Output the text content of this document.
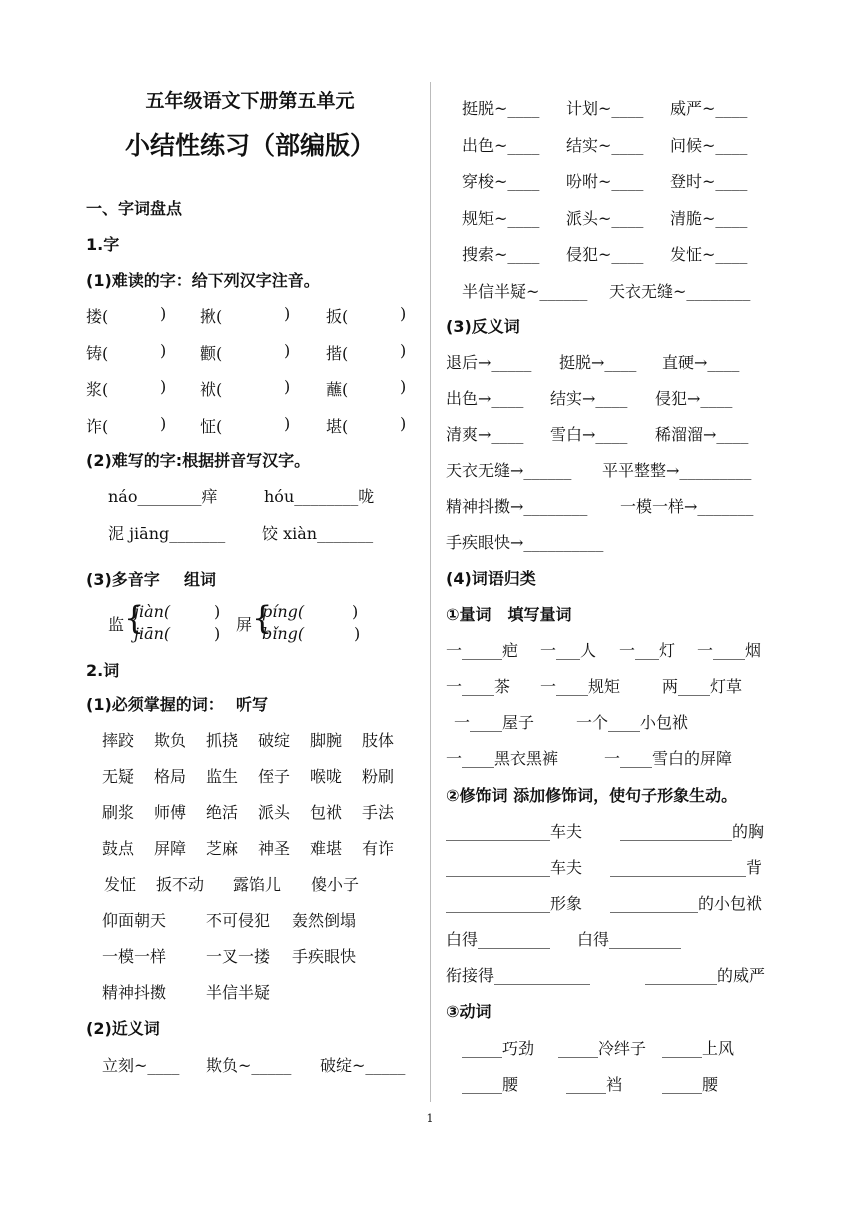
五年级语文下册第五单元
小结性练习（部编版）
一、字词盘点
1.字
(1)难读的字：给下列汉字注音。
搂(	) 揪(	) 扳(	)
铸(	) 颧(	) 揩(	)
浆(	) 袱(	) 蘸(	)
诈(	) 怔(	) 堪(	)
(2)难写的字:根据拼音写汉字。
náo________痒	hóu________咙
泥 jiāng_______ 饺 xiàn_______
(3)多音字 组词
监 {
jiàn(	)
jiān(	) 屏 {
píng(	)
bǐng(	)
2.词
(1)必须掌握的词： 听写
摔跤 欺负 抓挠 破绽 脚腕 肢体
无疑 格局 监生 侄子 喉咙 粉刷
刷浆 师傅 绝活 派头 包袱 手法
鼓点 屏障 芝麻 神圣 难堪 有诈
发怔 扳不动 露馅儿 傻小子
仰面朝天 不可侵犯 轰然倒塌
一模一样 一叉一搂 手疾眼快
精神抖擞 半信半疑
(2)近义词
立刻~____ 欺负~_____ 破绽~_____
挺脱~____ 计划~____ 威严~____
出色~____ 结实~____ 问候~____
穿梭~____ 吩咐~____ 登时~____
规矩~____ 派头~____ 清脆~____
搜索~____ 侵犯~____ 发怔~____
半信半疑~______ 天衣无缝~________
(3)反义词
退后→_____ 挺脱→____ 直硬→____
出色→____ 结实→____ 侵犯→____
清爽→____ 雪白→____ 稀溜溜→____
天衣无缝→______ 平平整整→_________
精神抖擞→________ 一模一样→_______
手疾眼快→__________
(4)词语归类
①量词　填写量词
一_____疤 一___人 一___灯 一____烟
一____茶 一____规矩	两____灯草
一____屋子	一个____小包袱
一____黑衣黑裤	一____雪白的屏障
②修饰词 添加修饰词，使句子形象生动。
_____________车夫 ______________的胸
_____________车夫 _________________背
_____________形象 ___________的小包袱
白得_________ 白得_________
衔接得____________	_________的威严
③动词
_____巧劲 _____冷绊子 _____上风
_____腰	_____裆 _____腰
1
